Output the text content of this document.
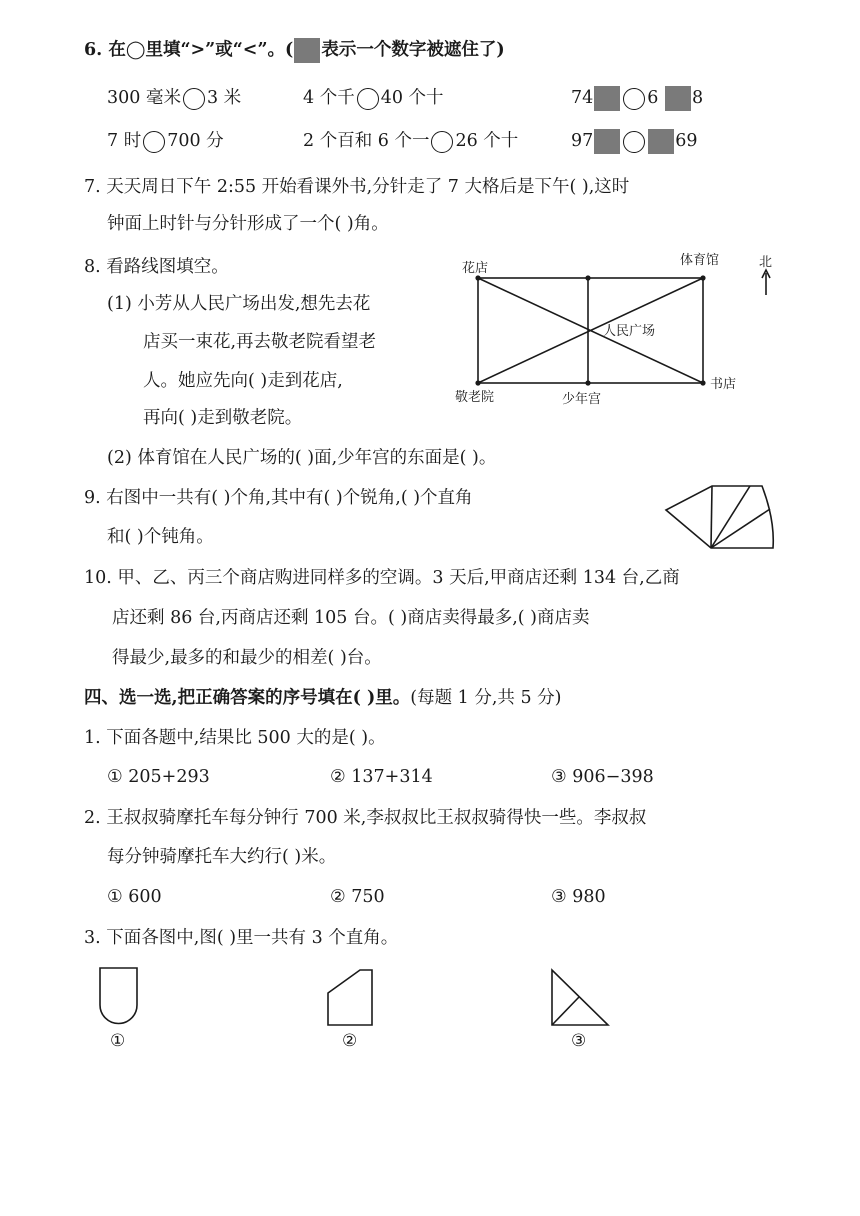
6. 在◯里填“>”或“<”。( 表示一个数字被遮住了)
300 毫米 3 米	4 个千 40 个十	74	6 8
7 时 700 分	2 个百和 6 个一 26 个十	97	69
7. 天天周日下午 2:55 开始看课外书,分针走了 7 大格后是下午( ),这时
钟面上时针与分针形成了一个( )角。
8. 看路线图填空。
(1) 小芳从人民广场出发,想先去花
店买一束花,再去敬老院看望老
人。她应先向( )走到花店,
再向( )走到敬老院。
(2) 体育馆在人民广场的( )面,少年宫的东面是( )。
花店
体育馆	北
人民广场
敬老院	少年宫
书店
9. 右图中一共有( )个角,其中有( )个锐角,( )个直角
和( )个钝角。
10. 甲、乙、丙三个商店购进同样多的空调。3 天后,甲商店还剩 134 台,乙商
店还剩 86 台,丙商店还剩 105 台。( )商店卖得最多,( )商店卖
得最少,最多的和最少的相差( )台。
四、选一选,把正确答案的序号填在( )里。(每题 1 分,共 5 分)
1. 下面各题中,结果比 500 大的是( )。
① 205+293	② 137+314	③ 906−398
2. 王叔叔骑摩托车每分钟行 700 米,李叔叔比王叔叔骑得快一些。李叔叔
每分钟骑摩托车大约行( )米。
① 600	② 750	③ 980
3. 下面各图中,图( )里一共有 3 个直角。
①	②	③
